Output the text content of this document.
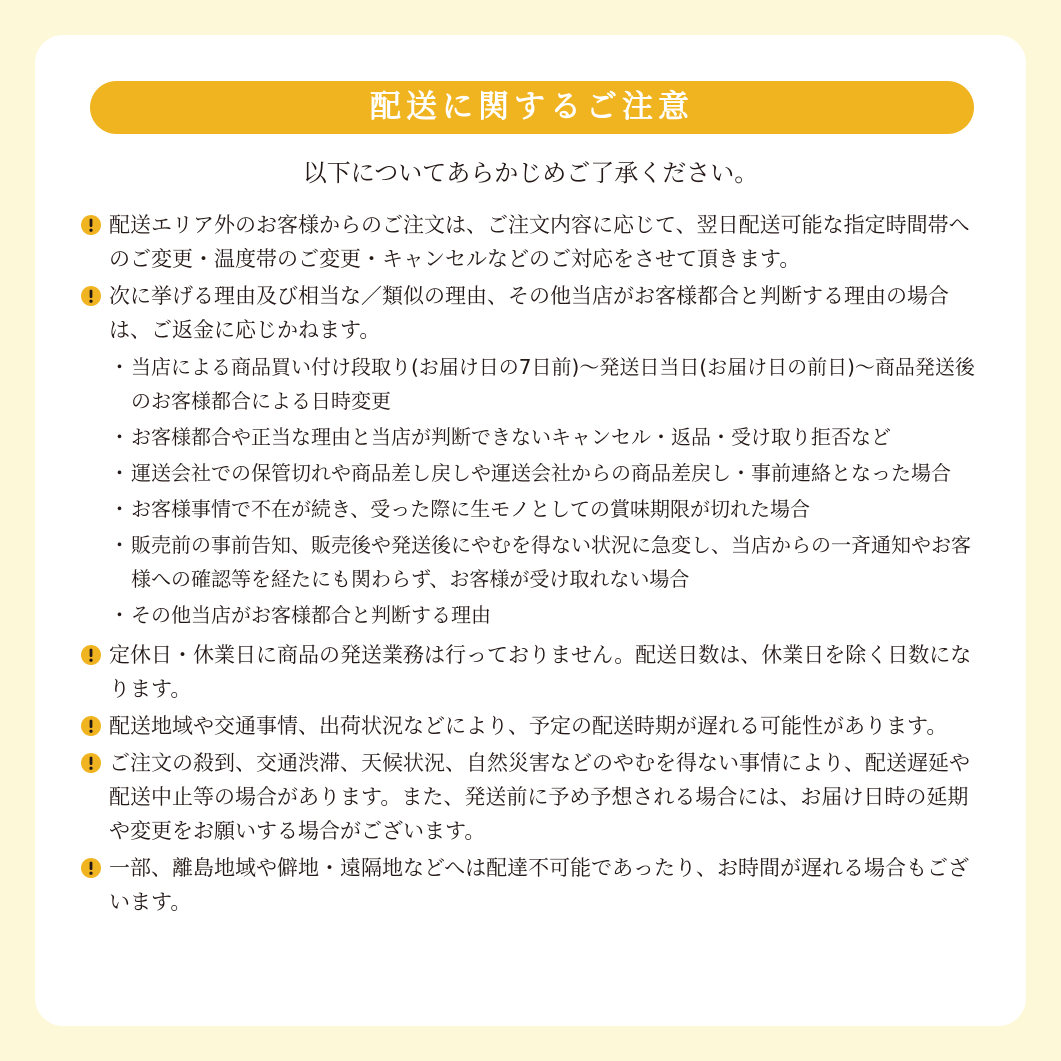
配送に関するご注意
以下についてあらかじめご了承ください。
配送エリア外のお客様からのご注文は、ご注文内容に応じて、翌日配送可能な指定時間帯へのご変更・温度帯のご変更・キャンセルなどのご対応をさせて頂きます。
次に挙げる理由及び相当な／類似の理由、その他当店がお客様都合と判断する理由の場合は、ご返金に応じかねます。
・ 当店による商品買い付け段取り(お届け日の7日前)〜発送日当日(お届け日の前日)〜商品発送後のお客様都合による日時変更
・ お客様都合や正当な理由と当店が判断できないキャンセル・返品・受け取り拒否など
・ 運送会社での保管切れや商品差し戻しや運送会社からの商品差戻し・事前連絡となった場合
・ お客様事情で不在が続き、受った際に生モノとしての賞味期限が切れた場合
・ 販売前の事前告知、販売後や発送後にやむを得ない状況に急変し、当店からの一斉通知やお客様への確認等を経たにも関わらず、お客様が受け取れない場合
・ その他当店がお客様都合と判断する理由
定休日・休業日に商品の発送業務は行っておりません。配送日数は、休業日を除く日数になります。
配送地域や交通事情、出荷状況などにより、予定の配送時期が遅れる可能性があります。
ご注文の殺到、交通渋滞、天候状況、自然災害などのやむを得ない事情により、配送遅延や配送中止等の場合があります。また、発送前に予め予想される場合には、お届け日時の延期や変更をお願いする場合がございます。
一部、離島地域や僻地・遠隔地などへは配達不可能であったり、お時間が遅れる場合もございます。
